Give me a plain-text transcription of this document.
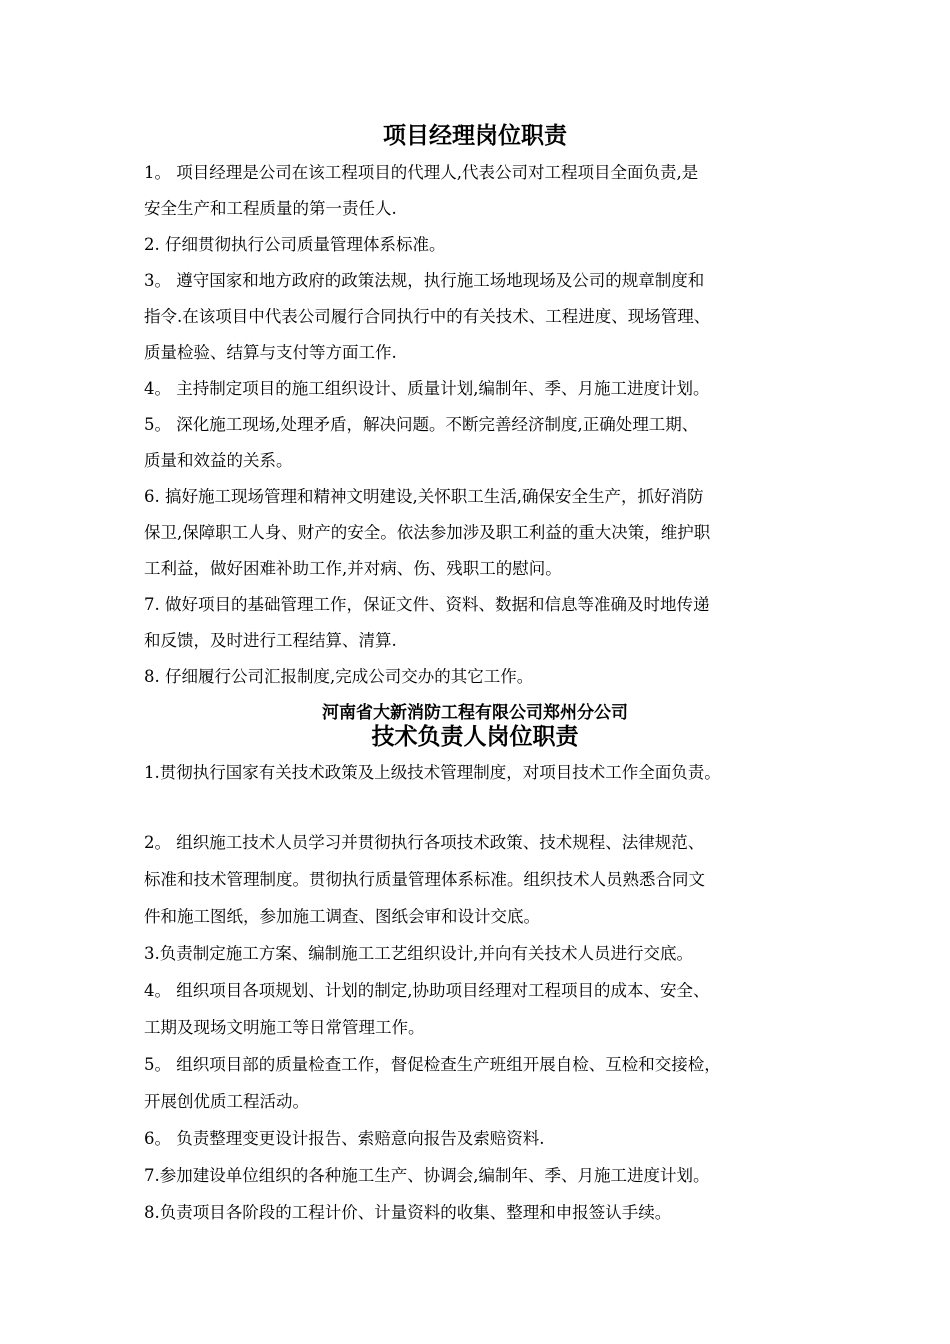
项目经理岗位职责

1。 项目经理是公司在该工程项目的代理人,代表公司对工程项目全面负责,是

安全生产和工程质量的第一责任人.

2. 仔细贯彻执行公司质量管理体系标准。

3。 遵守国家和地方政府的政策法规，执行施工场地现场及公司的规章制度和

指令.在该项目中代表公司履行合同执行中的有关技术、工程进度、现场管理、

质量检验、结算与支付等方面工作.

4。 主持制定项目的施工组织设计、质量计划,编制年、季、月施工进度计划。

5。 深化施工现场,处理矛盾，解决问题。不断完善经济制度,正确处理工期、

质量和效益的关系。

6. 搞好施工现场管理和精神文明建设,关怀职工生活,确保安全生产，抓好消防

保卫,保障职工人身、财产的安全。依法参加涉及职工利益的重大决策，维护职

工利益，做好困难补助工作,并对病、伤、残职工的慰问。

7. 做好项目的基础管理工作，保证文件、资料、数据和信息等准确及时地传递

和反馈，及时进行工程结算、清算.

8. 仔细履行公司汇报制度,完成公司交办的其它工作。

河南省大新消防工程有限公司郑州分公司
技术负责人岗位职责

1.贯彻执行国家有关技术政策及上级技术管理制度，对项目技术工作全面负责。

2。 组织施工技术人员学习并贯彻执行各项技术政策、技术规程、法律规范、

标准和技术管理制度。贯彻执行质量管理体系标准。组织技术人员熟悉合同文

件和施工图纸，参加施工调查、图纸会审和设计交底。

3.负责制定施工方案、编制施工工艺组织设计,并向有关技术人员进行交底。

4。 组织项目各项规划、计划的制定,协助项目经理对工程项目的成本、安全、

工期及现场文明施工等日常管理工作。

5。 组织项目部的质量检查工作，督促检查生产班组开展自检、互检和交接检，

开展创优质工程活动。

6。 负责整理变更设计报告、索赔意向报告及索赔资料.

7.参加建设单位组织的各种施工生产、协调会,编制年、季、月施工进度计划。

8.负责项目各阶段的工程计价、计量资料的收集、整理和申报签认手续。
